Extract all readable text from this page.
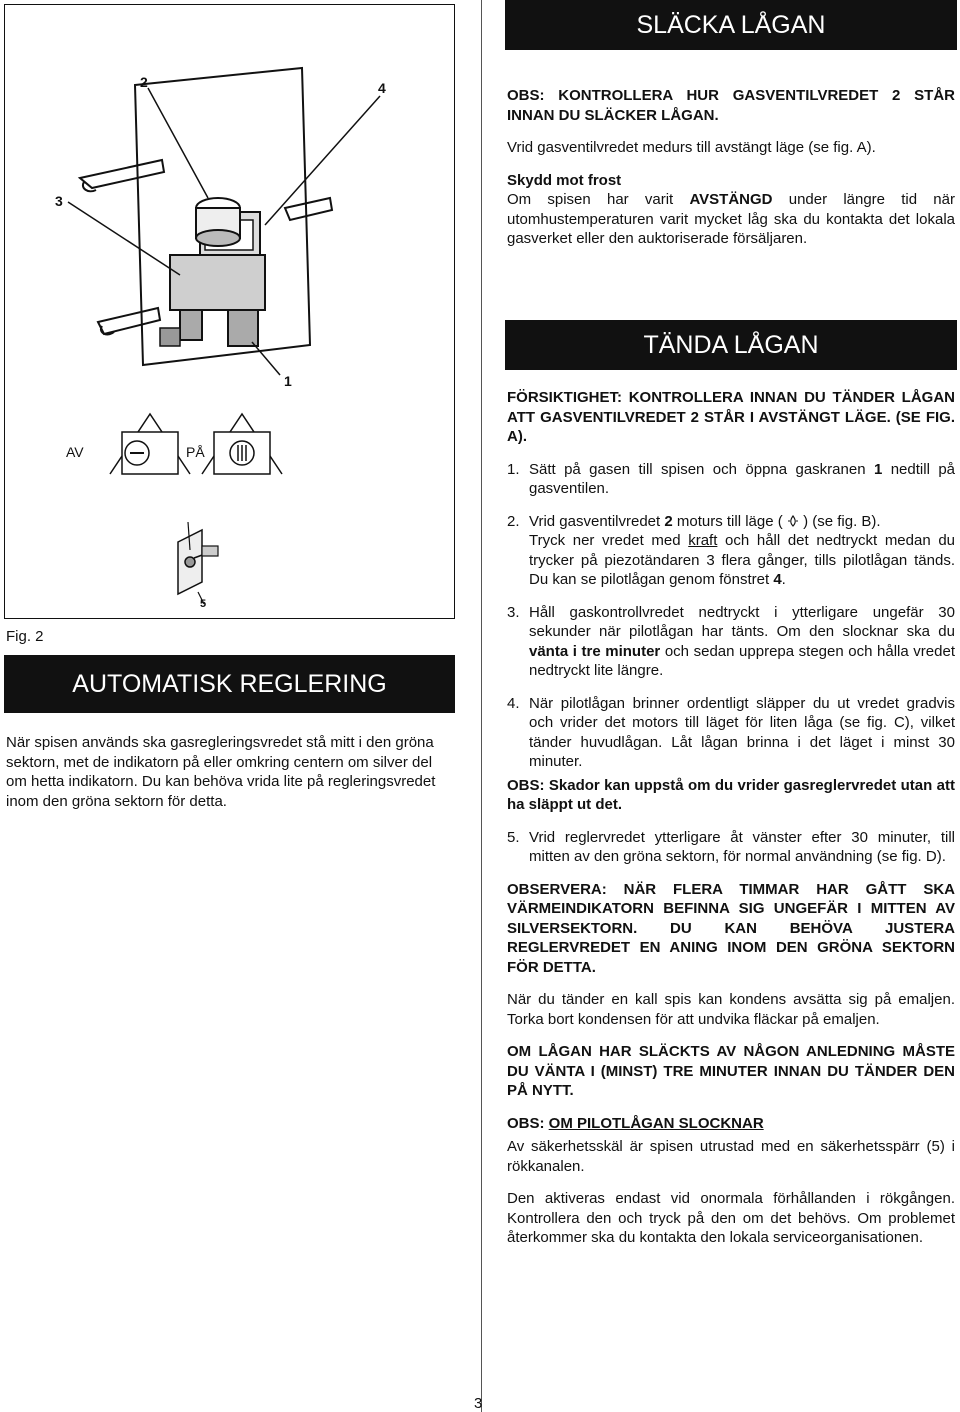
2	4
3
1
AV	PÅ
5
Fig. 2
AUTOMATISK REGLERING
När spisen används ska gasregleringsvredet stå mitt i den gröna sektorn, met de indikatorn på eller omkring centern om silver del om hetta indikatorn. Du kan behöva vrida lite på regleringsvredet inom den gröna sektorn för detta.
SLÄCKA LÅGAN

OBS: KONTROLLERA HUR GASVENTILVREDET 2 STÅR INNAN DU SLÄCKER LÅGAN.

Vrid gasventilvredet medurs till avstängt läge (se fig. A).

Skydd mot frost
Om spisen har varit AVSTÄNGD under längre tid när utomhustemperaturen varit mycket låg ska du kontakta det lokala gasverket eller den auktoriserade försäljaren.

TÄNDA LÅGAN

FÖRSIKTIGHET: KONTROLLERA INNAN DU TÄNDER LÅGAN ATT GASVENTILVREDET 2 STÅR I AVSTÄNGT LÄGE. (SE FIG. A).

1. Sätt på gasen till spisen och öppna gaskranen 1 nedtill på gasventilen.
2. Vrid gasventilvredet 2 moturs till läge (  ) (se fig. B).
Tryck ner vredet med kraft och håll det nedtryckt medan du trycker på piezotändaren 3 flera gånger, tills pilotlågan tänds. Du kan se pilotlågan genom fönstret 4.
3. Håll gaskontrollvredet nedtryckt i ytterligare ungefär 30 sekunder när pilotlågan har tänts. Om den slocknar ska du vänta i tre minuter och sedan upprepa stegen och hålla vredet nedtryckt lite längre.
4. När pilotlågan brinner ordentligt släpper du ut vredet gradvis och vrider det motors till läget för liten låga (se fig. C), vilket tänder huvudlågan. Låt lågan brinna i det läget i minst 30 minuter.

OBS: Skador kan uppstå om du vrider gasreglervredet utan att ha släppt ut det.

5. Vrid reglervredet ytterligare åt vänster efter 30 minuter, till mitten av den gröna sektorn, för normal användning (se fig. D).

OBSERVERA: NÄR FLERA TIMMAR HAR GÅTT SKA VÄRMEINDIKATORN BEFINNA SIG UNGEFÄR I MITTEN AV SILVERSEKTORN. DU KAN BEHÖVA JUSTERA REGLERVREDET EN ANING INOM DEN GRÖNA SEKTORN FÖR DETTA.

När du tänder en kall spis kan kondens avsätta sig på emaljen. Torka bort kondensen för att undvika fläckar på emaljen.

OM LÅGAN HAR SLÄCKTS AV NÅGON ANLEDNING MÅSTE DU VÄNTA I (MINST) TRE MINUTER INNAN DU TÄNDER DEN PÅ NYTT.

OBS: OM PILOTLÅGAN SLOCKNAR

Av säkerhetsskäl är spisen utrustad med en säkerhetsspärr (5) i rökkanalen.

Den aktiveras endast vid onormala förhållanden i rökgången. Kontrollera den och tryck på den om det behövs. Om problemet återkommer ska du kontakta den lokala serviceorganisationen.

3
